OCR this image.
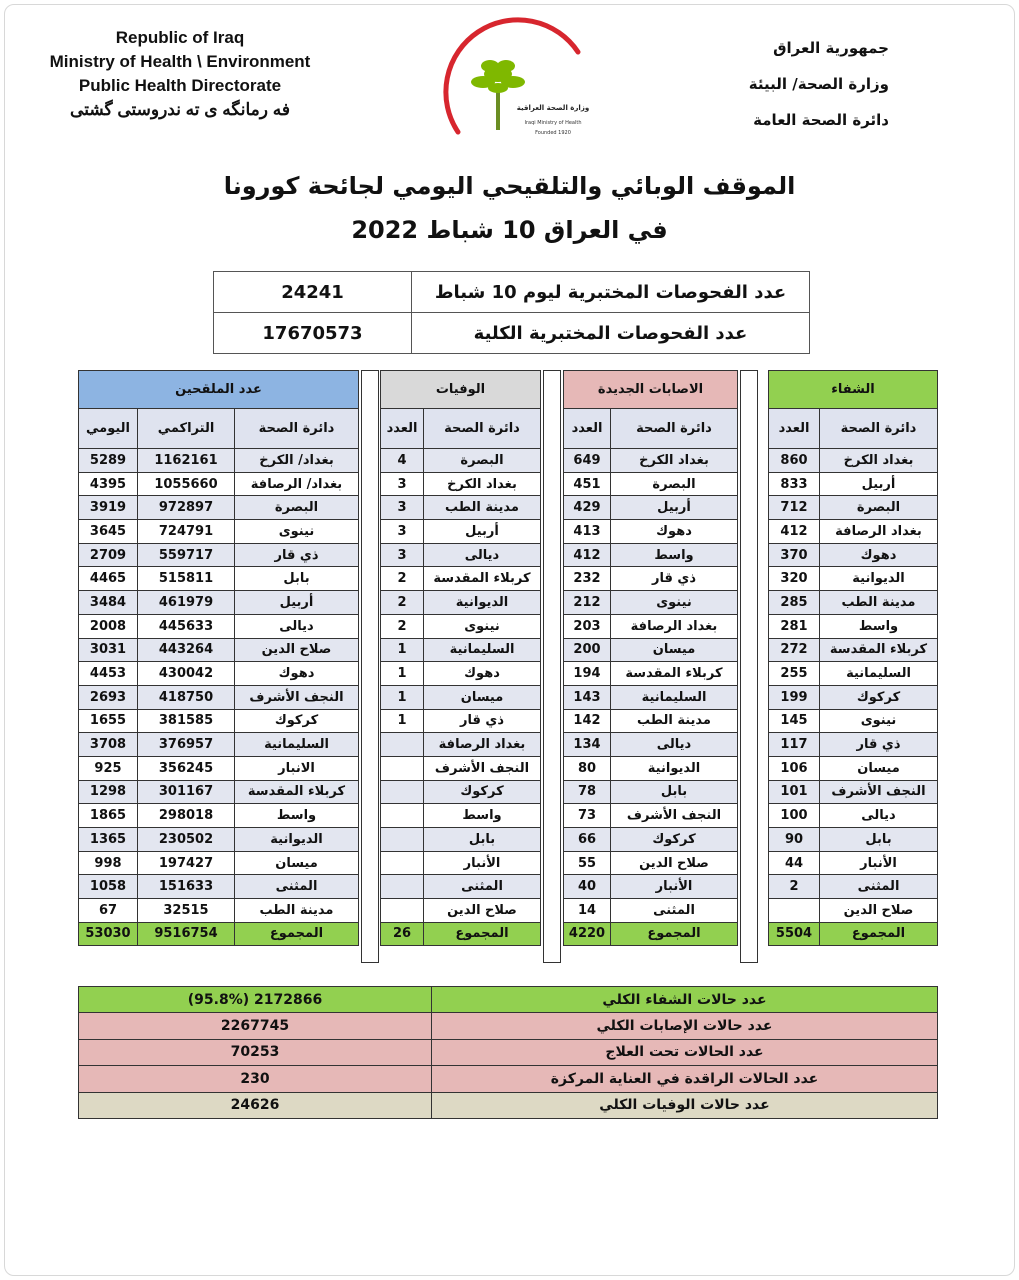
Republic of Iraq
Ministry of Health \ Environment
Public Health Directorate
فه رمانگه ی ته ندروستی گشتی	وزارة الصحة العراقية
Iraqi Ministry of Health
Founded 1920
جمهورية العراق
وزارة الصحة/ البيئة
دائرة الصحة العامة
الموقف الوبائي والتلقيحي اليومي لجائحة كورونا
في العراق 10 شباط 2022
24241	عدد الفحوصات المختبرية ليوم 10 شباط
17670573	عدد الفحوصات المختبرية الكلية
عدد الملقحين		
اليومي	التراكمي	دائرة الصحة
5289	1162161	بغداد/ الكرخ
4395	1055660	بغداد/ الرصافة
3919	972897	البصرة
3645	724791	نينوى
2709	559717	ذي قار
4465	515811	بابل
3484	461979	أربيل
2008	445633	ديالى
3031	443264	صلاح الدين
4453	430042	دهوك
2693	418750	النجف الأشرف
1655	381585	كركوك
3708	376957	السليمانية
925	356245	الانبار
1298	301167	كربلاء المقدسة
1865	298018	واسط
1365	230502	الديوانية
998	197427	ميسان
1058	151633	المثنى
67	32515	مدينة الطب
53030	9516754	المجموع
الوفيات	
العدد	دائرة الصحة
4	البصرة
3	بغداد الكرخ
3	مدينة الطب
3	أربيل
3	ديالى
2	كربلاء المقدسة
2	الديوانية
2	نينوى
1	السليمانية
1	دهوك
1	ميسان
1	ذي قار
	بغداد الرصافة
	النجف الأشرف
	كركوك
	واسط
	بابل
	الأنبار
	المثنى
	صلاح الدين
26	المجموع
الاصابات الجديدة	
العدد	دائرة الصحة
649	بغداد الكرخ
451	البصرة
429	أربيل
413	دهوك
412	واسط
232	ذي قار
212	نينوى
203	بغداد الرصافة
200	ميسان
194	كربلاء المقدسة
143	السليمانية
142	مدينة الطب
134	ديالى
80	الديوانية
78	بابل
73	النجف الأشرف
66	كركوك
55	صلاح الدين
40	الأنبار
14	المثنى
4220	المجموع
الشفاء	
العدد	دائرة الصحة
860	بغداد الكرخ
833	أربيل
712	البصرة
412	بغداد الرصافة
370	دهوك
320	الديوانية
285	مدينة الطب
281	واسط
272	كربلاء المقدسة
255	السليمانية
199	كركوك
145	نينوى
117	ذي قار
106	ميسان
101	النجف الأشرف
100	ديالى
90	بابل
44	الأنبار
2	المثنى
	صلاح الدين
5504	المجموع
2172866 (95.8%)	عدد حالات الشفاء الكلي
2267745	عدد حالات الإصابات الكلي
70253	عدد الحالات تحت العلاج
230	عدد الحالات الراقدة في العناية المركزة
24626	عدد حالات الوفيات الكلي
